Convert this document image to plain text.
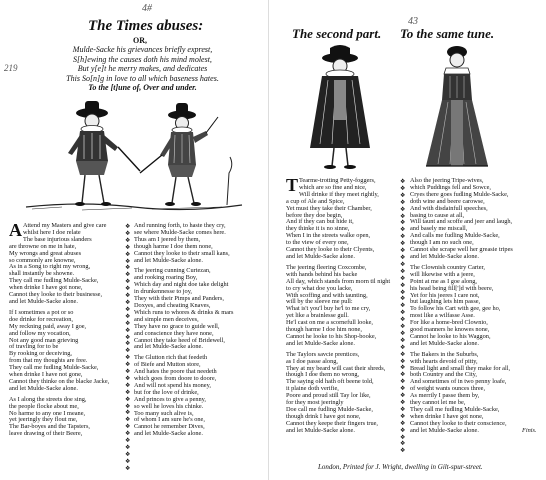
4#
43
219
The Times abuses:
OR,
Mulde-Sacke his grievances briefly exprest,
S[h]ewing the causes doth his mind molest,
But y[e]t he merry makes, and dedicates
This So[n]g in love to all which baseness hates.
To the [t]une of, Over and under.
A Attend my Masters and give care
whilst here I doe relate
The base injurious slanders
are throwne on me in hate,
My wrongs and great abuses
so commonly are knowne,
As in a Song to right my wrong,
shall instantly be showne.
They call me fudling Mulde-Sacke,
when drinke I have got none,
Cannot they looke to their businesse,
and let Mulde-Sacke alone.
If I sometimes a pot or so
doe drinke for recreation,
My reckning paid, away I goe,
and follow my vocation,
Not any good man grieving
of travling for to be
By rooking or deceiving,
from that my thoughts are free.
They call me fudling Mulde-Sacke,
when drinke I have not gone,
Cannot they thinke on the blacke Jacke,
and let Mulde-Sacke alone.
As I along the streets doe sing,
the people flocke about me,
No harme to any one I meane,
yet jeeringly they flout me,
The Bar-boyes and the Tapsters,
leave drawing of their Beere,
❖
❖
❖
❖
❖
❖
❖
❖
❖
❖
❖
❖
❖
❖
❖
❖
❖
❖
❖
❖
❖
❖
❖
❖
❖
❖
❖
❖
❖
❖
❖
❖
❖
❖
❖
❖
And running forth, to haste they cry,
see where Mulde-Sacke comes here.
Thus am I jeered by them,
though harme I doe them none,
Cannot they looke to their small kans,
and let Mulde-Sacke alone.
The jeering cunning Curtezan,
and rooking roaring Boy,
Which day and night doe take delight
in drunkennesse to joy,
They with their Pimps and Panders,
Doxyes, and cheating Knaves,
Which runs to whores & drinks & mars
and simple men deceives,
They have no grace to guide well,
and conscience they have none,
Cannot they take heed of Bridewell,
and let Mulde-Sacke alone.
The Glutton rich that feedeth
of Biefe and Mutton store,
And hates the poore that needeth
which goes from doore to doore,
And will not spend his money,
but for the love of drinke,
And princes to give a penny,
so well he loves his chinke.
Too many such alive is,
of whom I am sure he's one,
Cannot he remember Dives,
and let Mulde-Sacke alone.
The second part. To the same tune.
T Tearme-trotting Petty-foggers,
which are so fine and nice,
Will drinke if they meet rightly,
a cup of Ale and Spice,
Yet must they take their Chamber,
before they doe begin,
And if they can but hide it,
they thinke it is no sinne,
When I in the streets walke open,
to the view of every one,
Cannot they looke to their Clyents,
and let Mulde-Sacke alone.
The jeering fleering Coxcombe,
with hands behind his backe
All day, which stands from morn til night
to cry what doe you lacke,
With scoffing and with taunting,
will by the sleeve me pull:
What is't you'l buy he'l to me cry,
yet like a brainlesse gull.
He'l cast on me a scornefull looke,
though harme I doe him none,
Cannot he looke to his Shop-booke,
and let Mulde-Sacke alone.
The Taylors savcie prentices,
as I doe passe along,
They at my beard will cast their shreds,
though I doe them no wrong,
The saying old hath oft beene told,
it plaine doth verifie,
Poore and proud still Tay lor like,
for they most jeeringly
Doe call me fudling Mulde-Sacke,
though drink I have got none,
Cannot they keepe their fingers true,
and let Mulde-Sacke alone.
❖
❖
❖
❖
❖
❖
❖
❖
❖
❖
❖
❖
❖
❖
❖
❖
❖
❖
❖
❖
❖
❖
❖
❖
❖
❖
❖
❖
❖
❖
❖
❖
❖
❖
❖
❖
❖
❖
❖
❖
Also the jeering Tripe-wives,
which Puddings fell and Sowce,
Cryes there goes fudling Mulde-Sacke,
doth wine and beere carowse,
And with disdainfull speeches,
basing to cause at all,
Will taunt and scoffe and jeer and laugh,
and basely me miscall,
And calls me fudling Mulde-Sacke,
though I am no such one,
Cannot she scrape well her greasie tripes
and let Mulde-Sacke alone.
The Clownish country Carter,
will likewise with a jeere,
Point at me as I goe along,
his head being fill[']d with beere,
Yet for his jeeres I care not,
but laughing lets him passe,
To follow his Cart with gee, gee ho,
most like a wilfasse Asse.
For like a home-bred Clownio,
good manners he knowes none,
Cannot he looke to his Waggon,
and let Mulde-Sacke alone.
The Bakers in the Suburbs,
with hearts devoid of pitty,
Bread light and small they make for all,
both Country and the City,
And sometimes of in two penny loafe,
of weight wants ounces three,
As merrily I passe them by,
they cannot let me be,
They call me fudling Mulde-Sacke,
when drinke I have got none,
Cannot they looke to their conscience,
and let Mulde-Sacke alone.	Finis.
London, Printed for J. Wright, dwelling in Gilt-spur-street.
